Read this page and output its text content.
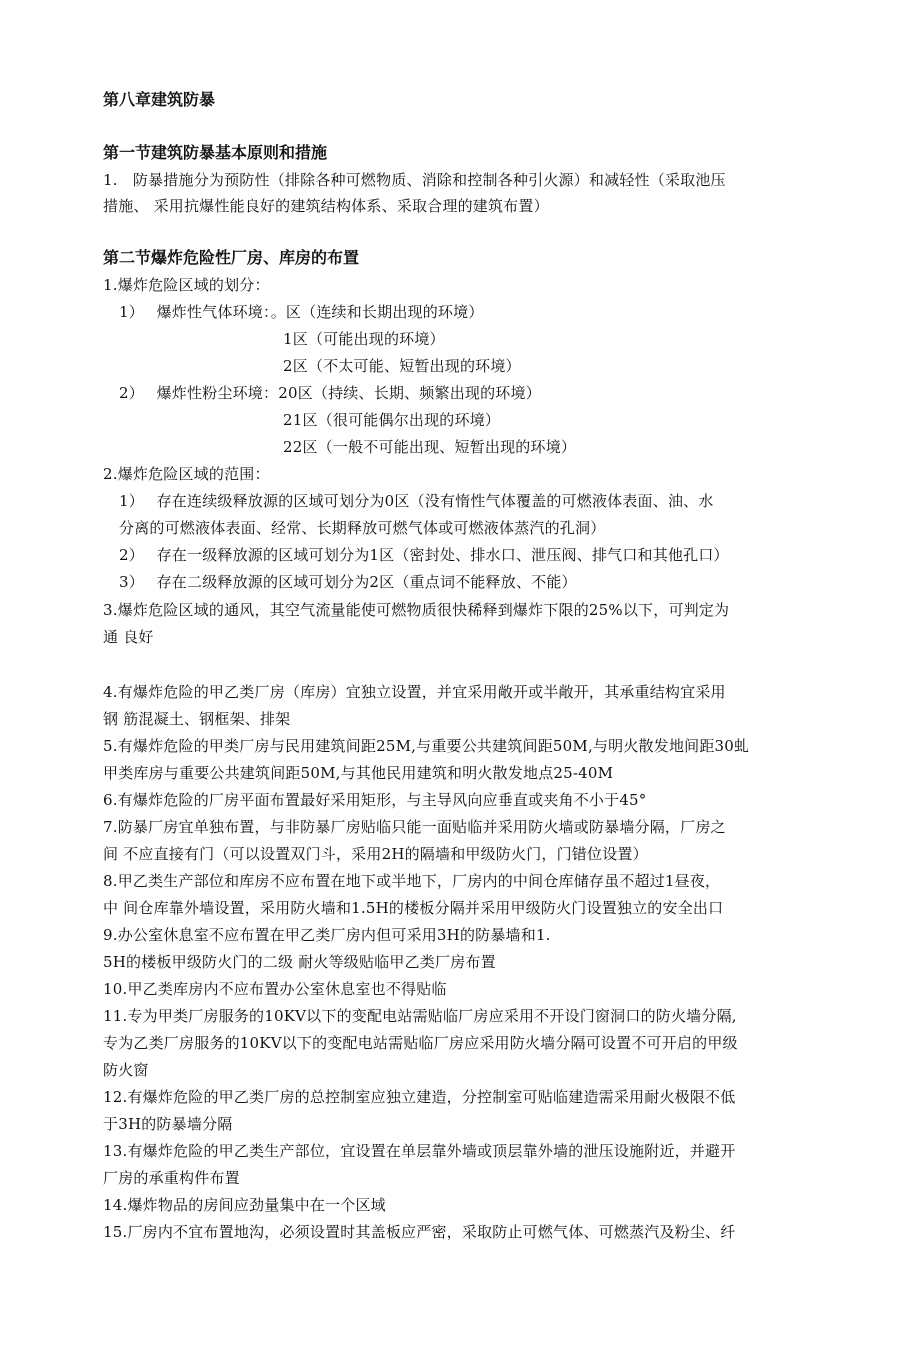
第八章建筑防暴
第一节建筑防暴基本原则和措施
1.　防暴措施分为预防性（排除各种可燃物质、消除和控制各种引火源）和减轻性（采取池压
措施、 采用抗爆性能良好的建筑结构体系、采取合理的建筑布置）
第二节爆炸危险性厂房、库房的布置
1.爆炸危险区域的划分：
1）　 爆炸性气体环境：。区（连续和长期出现的环境）
1区（可能出现的环境）
2区（不太可能、短暂出现的环境）
2）　 爆炸性粉尘环境：20区（持续、长期、频繁出现的环境）
21区（很可能偶尔出现的环境）
22区（一般不可能出现、短暂出现的环境）
2.爆炸危险区域的范围：
1）　 存在连续级释放源的区域可划分为0区（没有惰性气体覆盖的可燃液体表面、油、水
分离的可燃液体表面、经常、长期释放可燃气体或可燃液体蒸汽的孔洞）
2）　 存在一级释放源的区域可划分为1区（密封处、排水口、泄压阀、排气口和其他孔口）
3）　 存在二级释放源的区域可划分为2区（重点词不能释放、不能）
3.爆炸危险区域的通风，其空气流量能使可燃物质很快稀释到爆炸下限的25%以下，可判定为
通 良好
4.有爆炸危险的甲乙类厂房（库房）宜独立设置，并宜采用敞开或半敞开，其承重结构宜采用
钢 筋混凝土、钢框架、排架
5.有爆炸危险的甲类厂房与民用建筑间距25M,与重要公共建筑间距50M,与明火散发地间距30虬
甲类库房与重要公共建筑间距50M,与其他民用建筑和明火散发地点25-40M
6.有爆炸危险的厂房平面布置最好采用矩形，与主导风向应垂直或夹角不小于45°
7.防暴厂房宜单独布置，与非防暴厂房贴临只能一面贴临并采用防火墙或防暴墙分隔，厂房之
间 不应直接有门（可以设置双门斗，采用2H的隔墙和甲级防火门，门错位设置）
8.甲乙类生产部位和库房不应布置在地下或半地下，厂房内的中间仓库储存虽不超过1昼夜，
中 间仓库靠外墙设置，采用防火墙和1.5H的楼板分隔并采用甲级防火门设置独立的安全出口
9.办公室休息室不应布置在甲乙类厂房内但可采用3H的防暴墙和1.
5H的楼板甲级防火门的二级 耐火等级贴临甲乙类厂房布置
10.甲乙类库房内不应布置办公室休息室也不得贴临
11.专为甲类厂房服务的10KV以下的变配电站需贴临厂房应采用不开设门窗洞口的防火墙分隔,
专为乙类厂房服务的10KV以下的变配电站需贴临厂房应采用防火墙分隔可设置不可开启的甲级
防火窗
12.有爆炸危险的甲乙类厂房的总控制室应独立建造，分控制室可贴临建造需采用耐火极限不低
于3H的防暴墙分隔
13.有爆炸危险的甲乙类生产部位，宜设置在单层靠外墙或顶层靠外墙的泄压设施附近，并避开
厂房的承重构件布置
14.爆炸物品的房间应劲量集中在一个区域
15.厂房内不宜布置地沟，必须设置时其盖板应严密，采取防止可燃气体、可燃蒸汽及粉尘、纤
